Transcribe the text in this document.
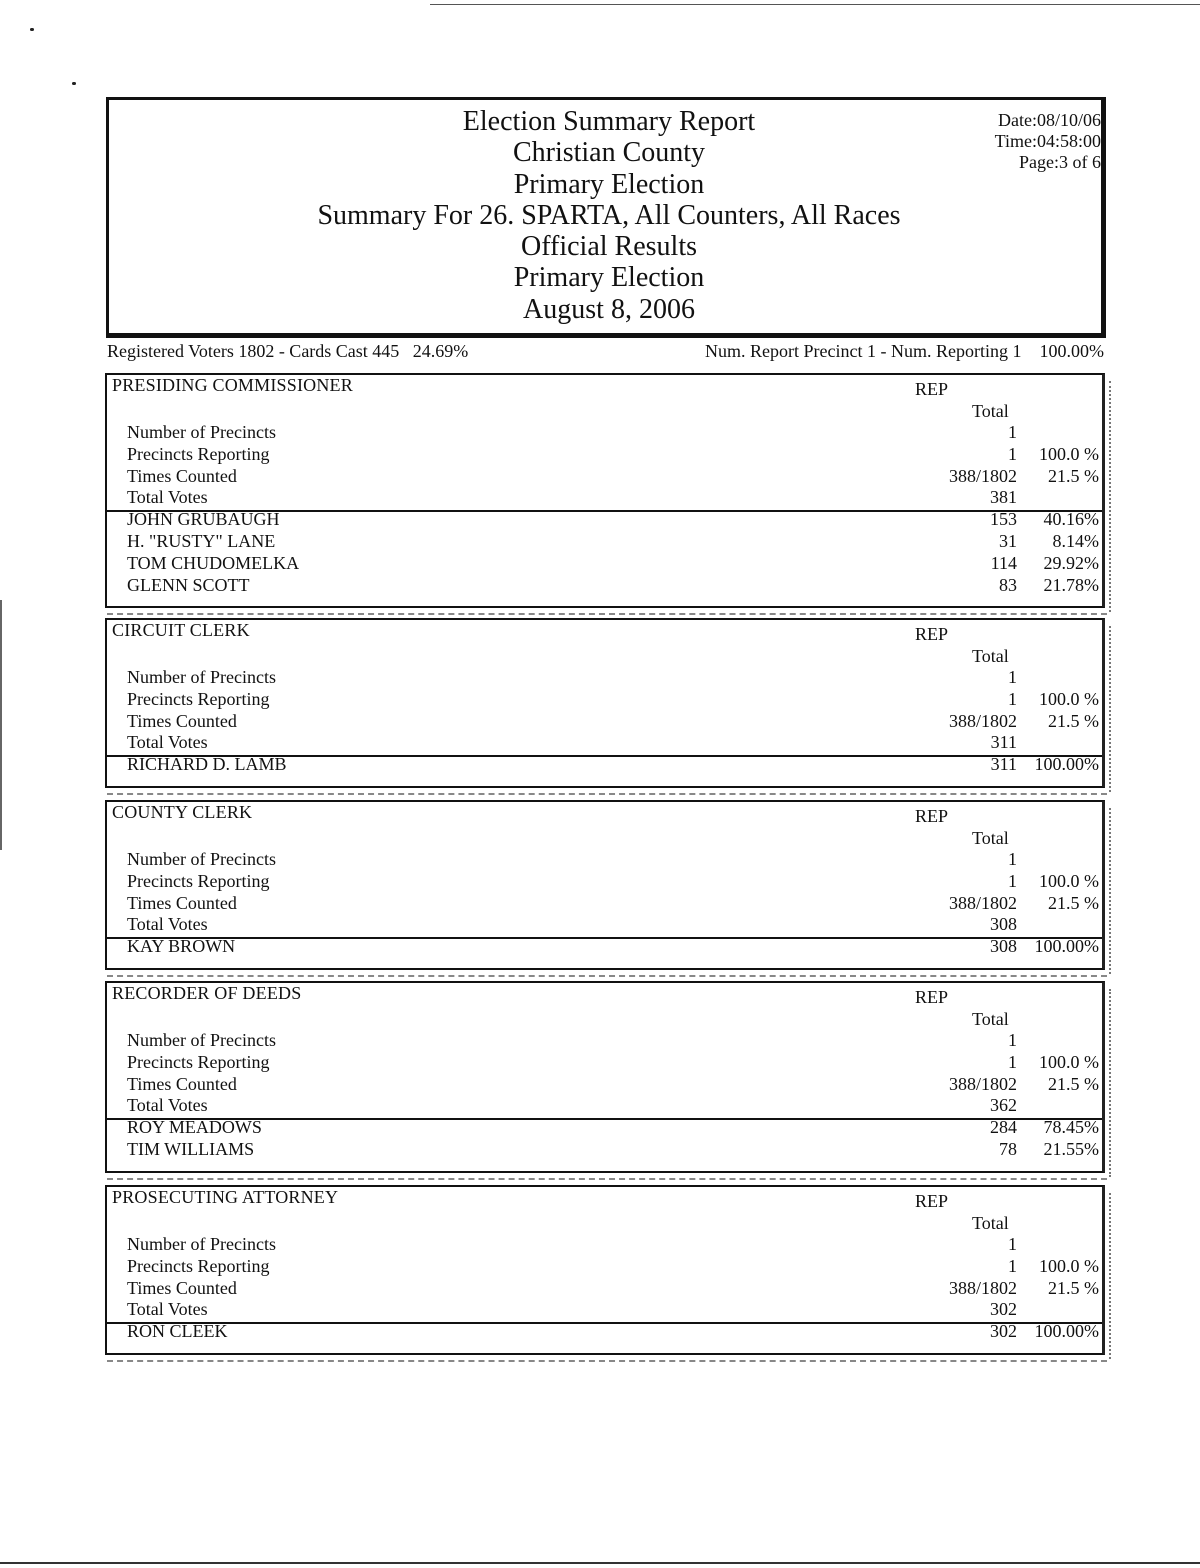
Election Summary Report
Christian County
Primary Election
Summary For 26. SPARTA, All Counters, All Races
Official Results
Primary Election
August 8, 2006
Date:08/10/06
Time:04:58:00
Page:3 of 6
Registered Voters 1802 - Cards Cast 445   24.69%	Num. Report Precinct 1 - Num. Reporting 1    100.00%
PRESIDING COMMISSIONER	REP
Total
Number of Precincts	1
Precincts Reporting	1 100.0 %
Times Counted	388/1802 21.5 %
Total Votes	381
JOHN GRUBAUGH	153 40.16%
H. "RUSTY" LANE	31 8.14%
TOM CHUDOMELKA	114 29.92%
GLENN SCOTT	83 21.78%
CIRCUIT CLERK	REP
Total
Number of Precincts	1
Precincts Reporting	1 100.0 %
Times Counted	388/1802 21.5 %
Total Votes	311
RICHARD D. LAMB	311 100.00%
COUNTY CLERK	REP
Total
Number of Precincts	1
Precincts Reporting	1 100.0 %
Times Counted	388/1802 21.5 %
Total Votes	308
KAY BROWN	308 100.00%
RECORDER OF DEEDS	REP
Total
Number of Precincts	1
Precincts Reporting	1 100.0 %
Times Counted	388/1802 21.5 %
Total Votes	362
ROY MEADOWS	284 78.45%
TIM WILLIAMS	78 21.55%
PROSECUTING ATTORNEY	REP
Total
Number of Precincts	1
Precincts Reporting	1 100.0 %
Times Counted	388/1802 21.5 %
Total Votes	302
RON CLEEK	302 100.00%
